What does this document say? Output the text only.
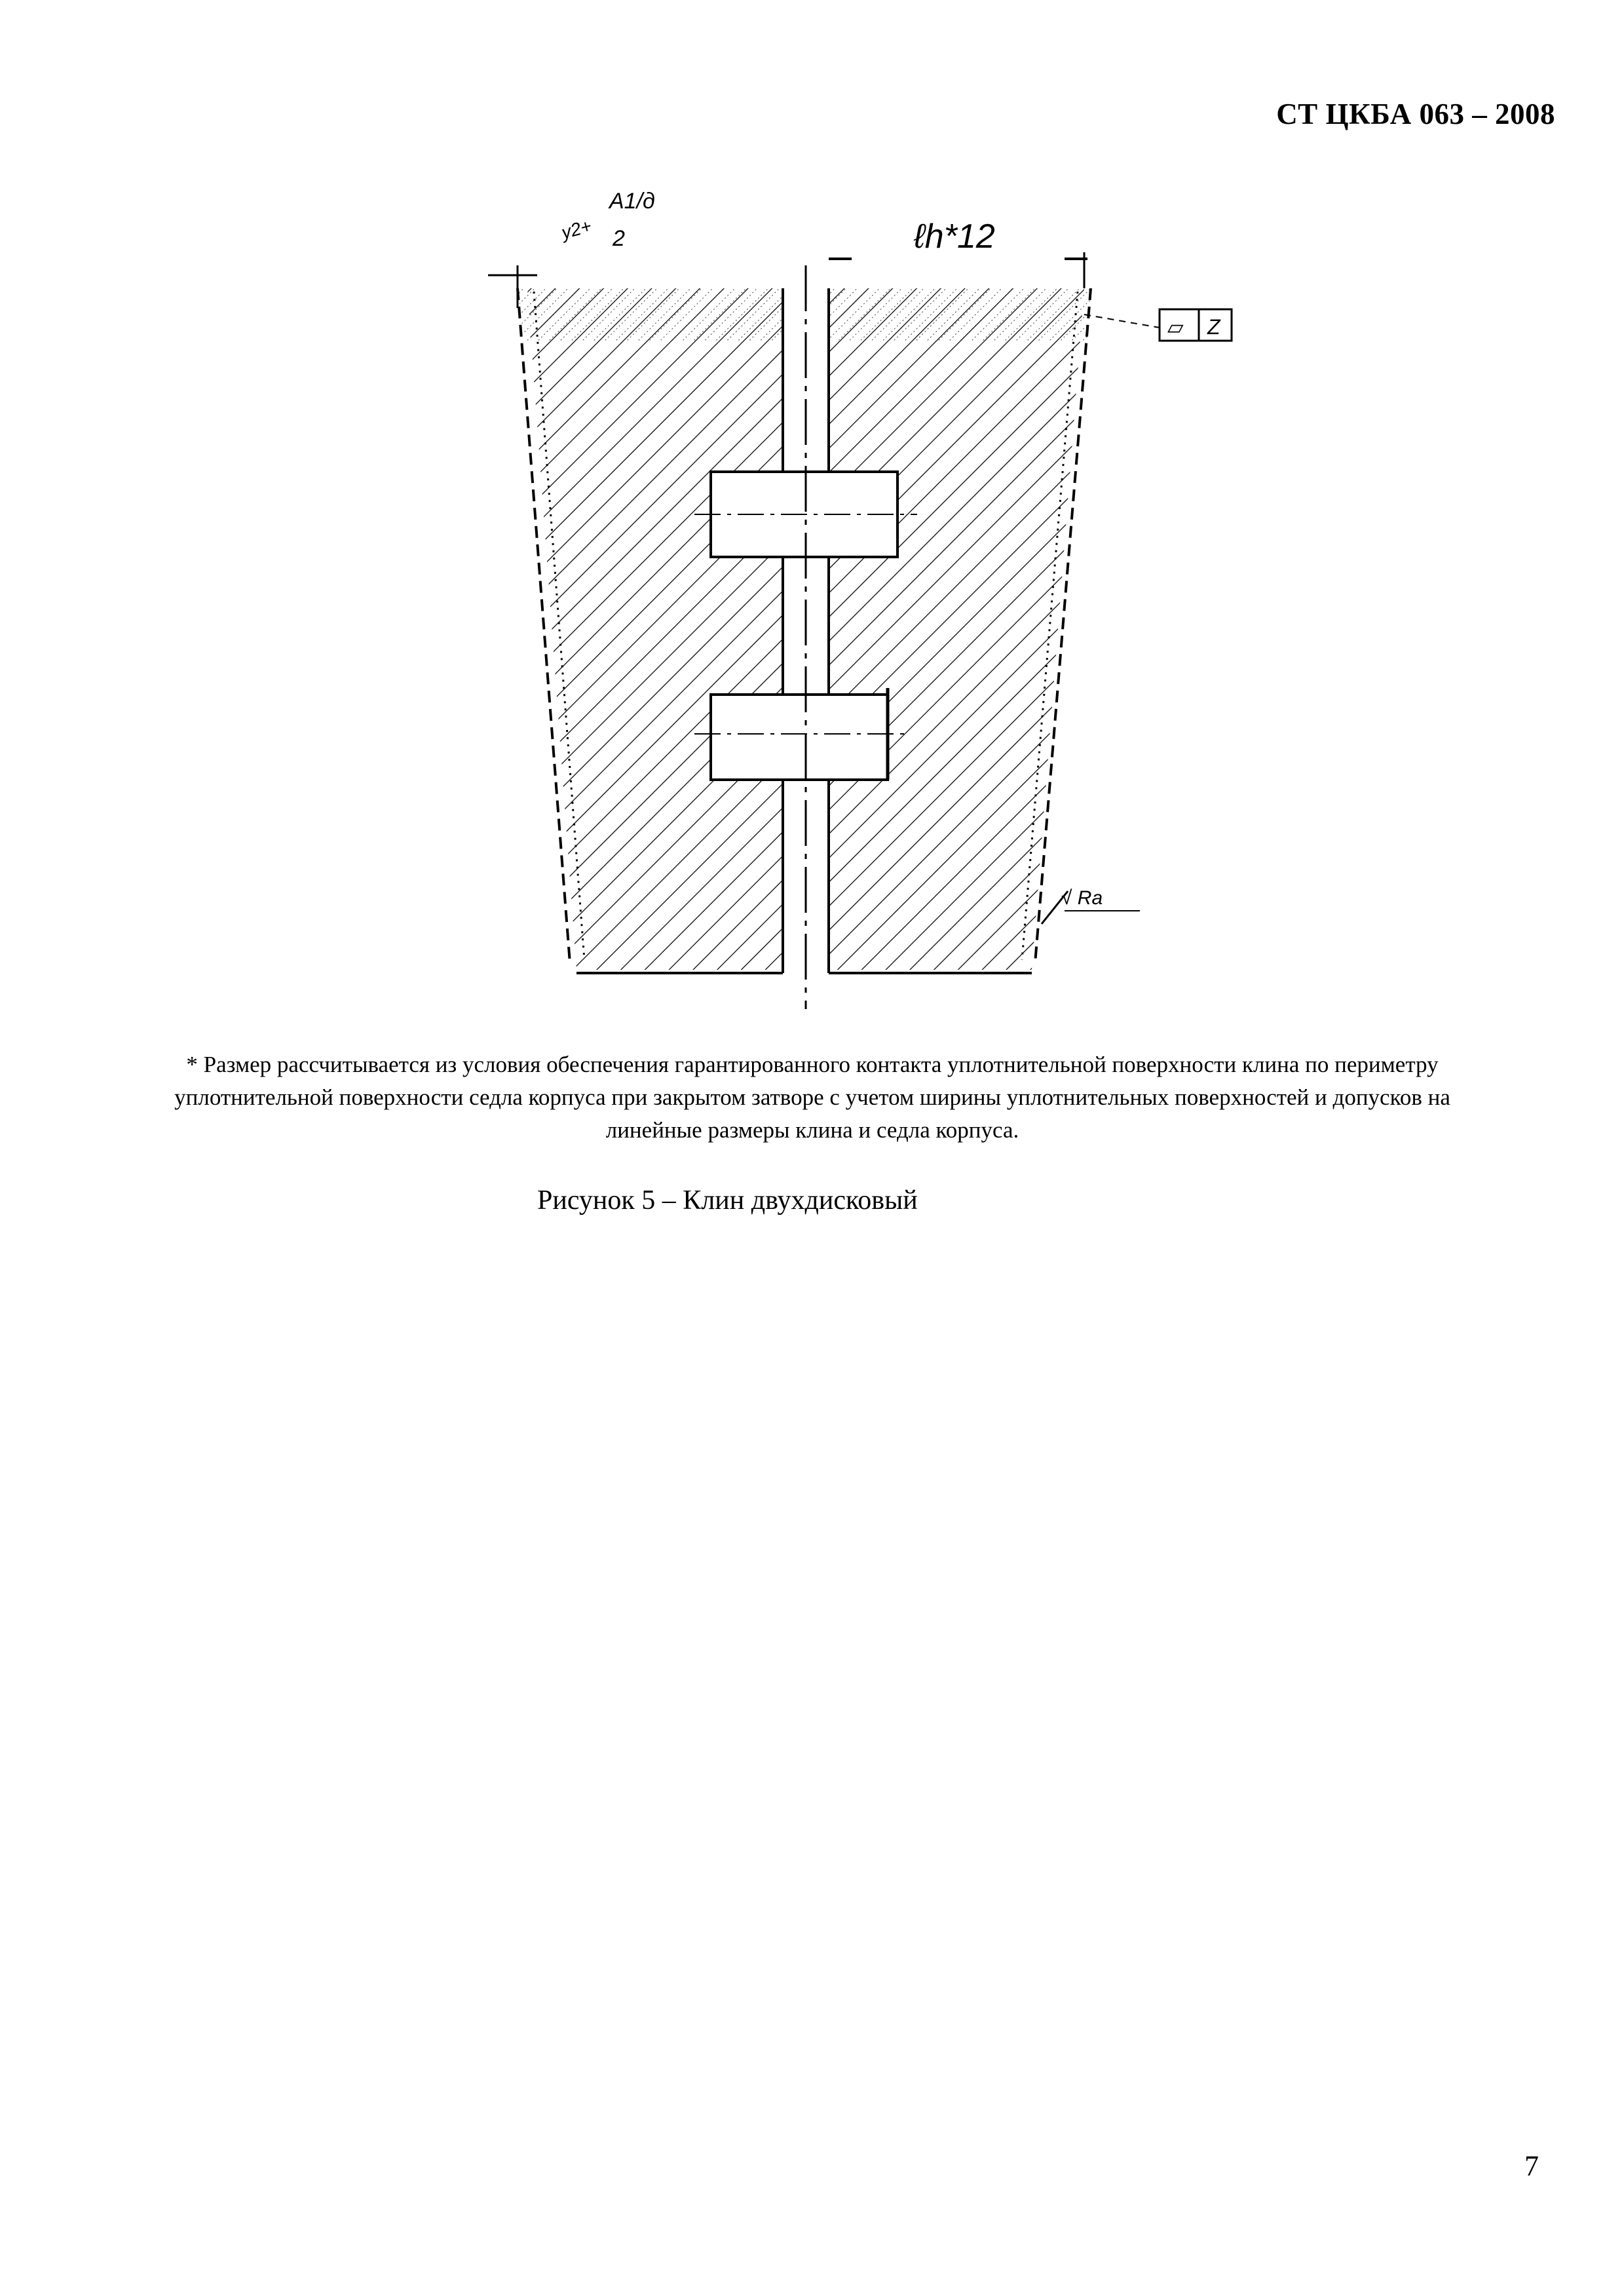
СТ ЦКБА 063 – 2008
ℓh*12
A1/д
у2+ 2
⏥ Z
√ Ra
* Размер рассчитывается из условия обеспечения гарантированного контакта уплотнительной поверхности клина по периметру уплотнительной поверхности седла корпуса при закрытом затворе с учетом ширины уплотнительных поверхностей и допусков на линейные размеры клина и седла корпуса.
Рисунок 5 – Клин двухдисковый
7
